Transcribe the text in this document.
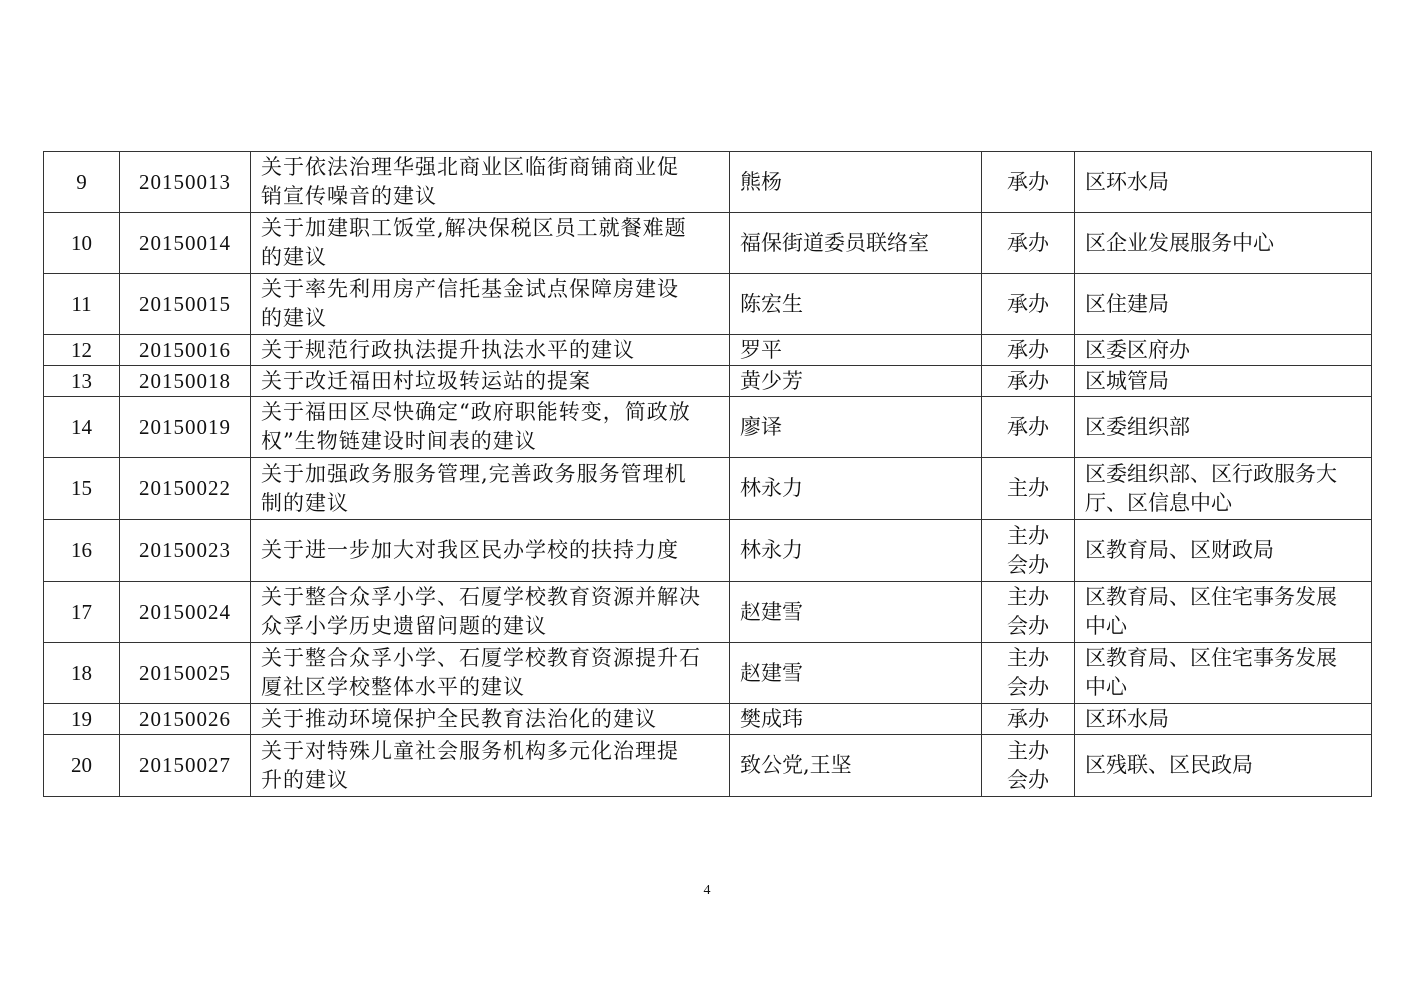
9	20150013	关于依法治理华强北商业区临街商铺商业促
销宣传噪音的建议	熊杨	承办	区环水局

10	20150014	关于加建职工饭堂,解决保税区员工就餐难题
的建议	福保街道委员联络室	承办	区企业发展服务中心

11	20150015	关于率先利用房产信托基金试点保障房建设
的建议	陈宏生	承办	区住建局

12	20150016	关于规范行政执法提升执法水平的建议	罗平	承办	区委区府办

13	20150018	关于改迁福田村垃圾转运站的提案	黄少芳	承办	区城管局

14	20150019	关于福田区尽快确定“政府职能转变，简政放
权”生物链建设时间表的建议	廖译	承办	区委组织部

15	20150022	关于加强政务服务管理,完善政务服务管理机
制的建议	林永力	主办	区委组织部、区行政服务大
厅、区信息中心

16	20150023	关于进一步加大对我区民办学校的扶持力度	林永力	主办
会办	区教育局、区财政局

17	20150024	关于整合众孚小学、石厦学校教育资源并解决
众孚小学历史遗留问题的建议	赵建雪	主办
会办	区教育局、区住宅事务发展
中心

18	20150025	关于整合众孚小学、石厦学校教育资源提升石
厦社区学校整体水平的建议	赵建雪	主办
会办	区教育局、区住宅事务发展
中心

19	20150026	关于推动环境保护全民教育法治化的建议	樊成玮	承办	区环水局

20	20150027	关于对特殊儿童社会服务机构多元化治理提
升的建议	致公党,王坚	主办
会办	区残联、区民政局
4
